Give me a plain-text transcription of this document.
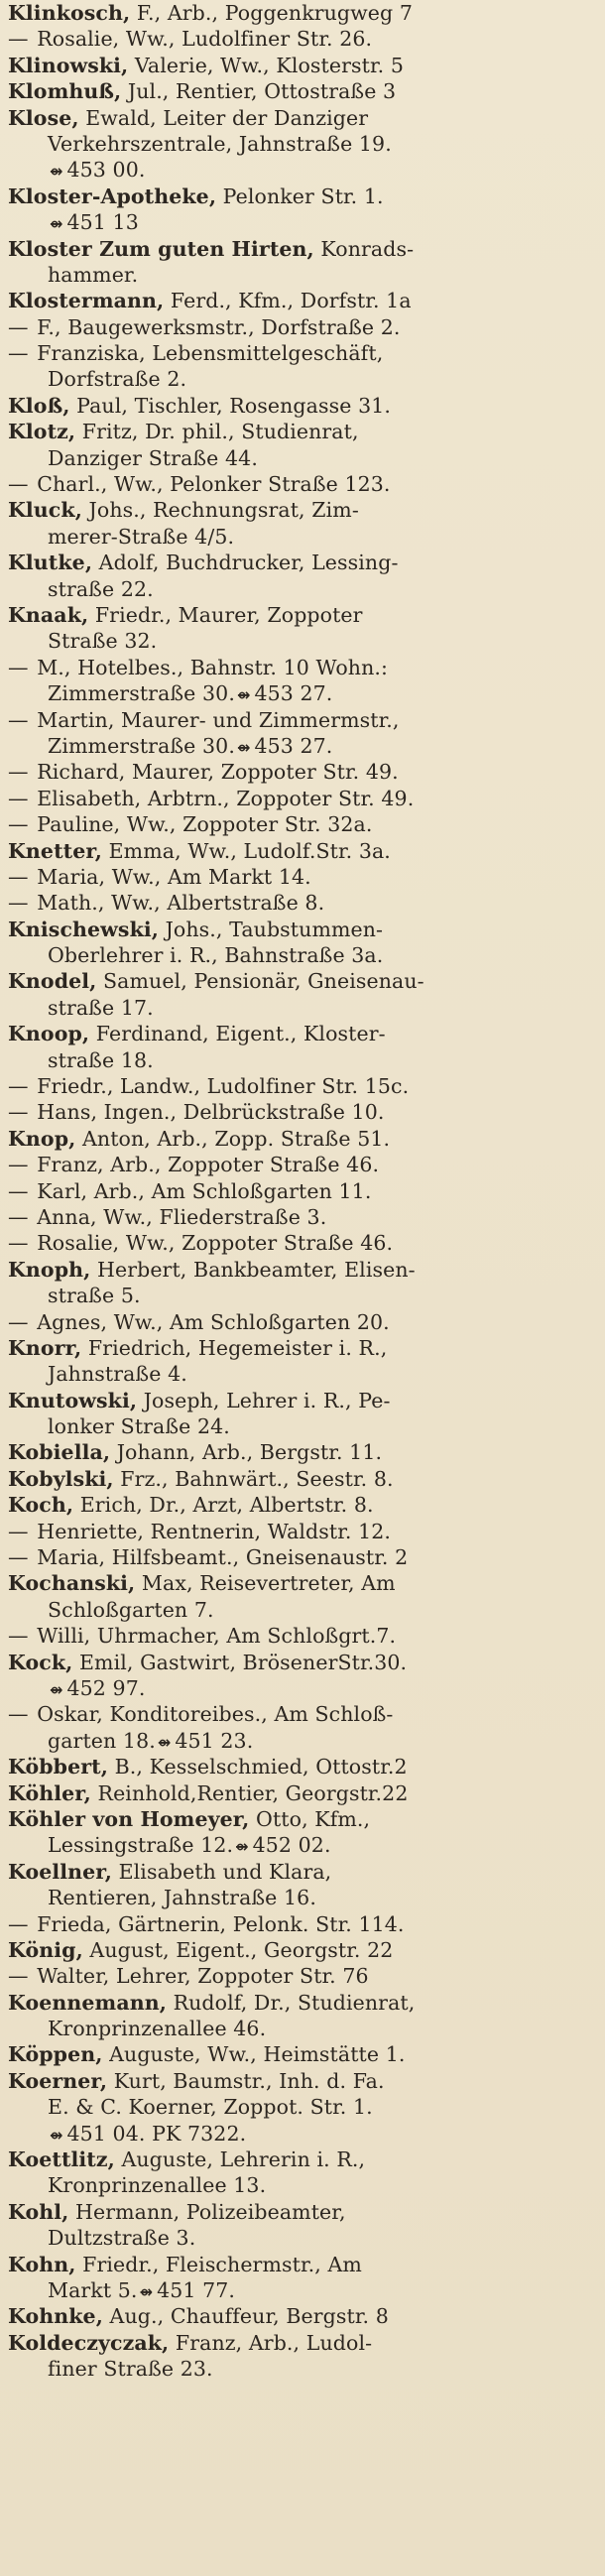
Klinkosch, F., Arb., Poggenkrugweg 7
— Rosalie, Ww., Ludolfiner Str. 26.
Klinowski, Valerie, Ww., Klosterstr. 5
Klomhuß, Jul., Rentier, Ottostraße 3
Klose, Ewald, Leiter der Danziger
Verkehrszentrale, Jahnstraße 19.
⇴ 453 00.
Kloster-Apotheke, Pelonker Str. 1.
⇴ 451 13
Kloster Zum guten Hirten, Konrads-
hammer.
Klostermann, Ferd., Kfm., Dorfstr. 1a
— F., Baugewerksmstr., Dorfstraße 2.
— Franziska, Lebensmittelgeschäft,
Dorfstraße 2.
Kloß, Paul, Tischler, Rosengasse 31.
Klotz, Fritz, Dr. phil., Studienrat,
Danziger Straße 44.
— Charl., Ww., Pelonker Straße 123.
Kluck, Johs., Rechnungsrat, Zim-
merer-Straße 4/5.
Klutke, Adolf, Buchdrucker, Lessing-
straße 22.
Knaak, Friedr., Maurer, Zoppoter
Straße 32.
— M., Hotelbes., Bahnstr. 10 Wohn.:
Zimmerstraße 30. ⇴ 453 27.
— Martin, Maurer- und Zimmermstr.,
Zimmerstraße 30. ⇴ 453 27.
— Richard, Maurer, Zoppoter Str. 49.
— Elisabeth, Arbtrn., Zoppoter Str. 49.
— Pauline, Ww., Zoppoter Str. 32a.
Knetter, Emma, Ww., Ludolf.Str. 3a.
— Maria, Ww., Am Markt 14.
— Math., Ww., Albertstraße 8.
Knischewski, Johs., Taubstummen-
Oberlehrer i. R., Bahnstraße 3a.
Knodel, Samuel, Pensionär, Gneisenau-
straße 17.
Knoop, Ferdinand, Eigent., Kloster-
straße 18.
— Friedr., Landw., Ludolfiner Str. 15c.
— Hans, Ingen., Delbrückstraße 10.
Knop, Anton, Arb., Zopp. Straße 51.
— Franz, Arb., Zoppoter Straße 46.
— Karl, Arb., Am Schloßgarten 11.
— Anna, Ww., Fliederstraße 3.
— Rosalie, Ww., Zoppoter Straße 46.
Knoph, Herbert, Bankbeamter, Elisen-
straße 5.
— Agnes, Ww., Am Schloßgarten 20.
Knorr, Friedrich, Hegemeister i. R.,
Jahnstraße 4.
Knutowski, Joseph, Lehrer i. R., Pe-
lonker Straße 24.
Kobiella, Johann, Arb., Bergstr. 11.
Kobylski, Frz., Bahnwärt., Seestr. 8.
Koch, Erich, Dr., Arzt, Albertstr. 8.
— Henriette, Rentnerin, Waldstr. 12.
— Maria, Hilfsbeamt., Gneisenaustr. 2
Kochanski, Max, Reisevertreter, Am
Schloßgarten 7.
— Willi, Uhrmacher, Am Schloßgrt.7.
Kock, Emil, Gastwirt, BrösenerStr.30.
⇴ 452 97.
— Oskar, Konditoreibes., Am Schloß-
garten 18. ⇴ 451 23.
Köbbert, B., Kesselschmied, Ottostr.2
Köhler, Reinhold,Rentier, Georgstr.22
Köhler von Homeyer, Otto, Kfm.,
Lessingstraße 12. ⇴ 452 02.
Koellner, Elisabeth und Klara,
Rentieren, Jahnstraße 16.
— Frieda, Gärtnerin, Pelonk. Str. 114.
König, August, Eigent., Georgstr. 22
— Walter, Lehrer, Zoppoter Str. 76
Koennemann, Rudolf, Dr., Studienrat,
Kronprinzenallee 46.
Köppen, Auguste, Ww., Heimstätte 1.
Koerner, Kurt, Baumstr., Inh. d. Fa.
E. & C. Koerner, Zoppot. Str. 1.
⇴ 451 04. PK 7322.
Koettlitz, Auguste, Lehrerin i. R.,
Kronprinzenallee 13.
Kohl, Hermann, Polizeibeamter,
Dultzstraße 3.
Kohn, Friedr., Fleischermstr., Am
Markt 5. ⇴ 451 77.
Kohnke, Aug., Chauffeur, Bergstr. 8
Koldeczyczak, Franz, Arb., Ludol-
finer Straße 23.
